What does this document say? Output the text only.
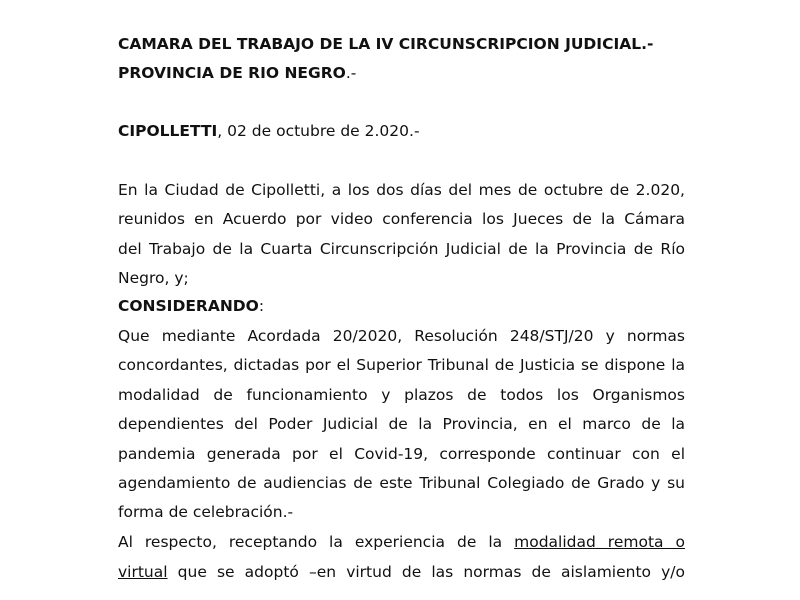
CAMARA DEL TRABAJO DE LA IV CIRCUNSCRIPCION JUDICIAL.-
PROVINCIA DE RIO NEGRO.-
CIPOLLETTI, 02 de octubre de 2.020.-
En la Ciudad de Cipolletti, a los dos días del mes de octubre de 2.020,
reunidos en Acuerdo por video conferencia los Jueces de la Cámara
del Trabajo de la Cuarta Circunscripción Judicial de la Provincia de Río
Negro, y;
CONSIDERANDO:
Que mediante Acordada 20/2020, Resolución 248/STJ/20 y normas
concordantes, dictadas por el Superior Tribunal de Justicia se dispone la
modalidad de funcionamiento y plazos de todos los Organismos
dependientes del Poder Judicial de la Provincia, en el marco de la
pandemia generada por el Covid-19, corresponde continuar con el
agendamiento de audiencias de este Tribunal Colegiado de Grado y su
forma de celebración.-
Al respecto, receptando la experiencia de la modalidad remota o
virtual que se adoptó –en virtud de las normas de aislamiento y/o
